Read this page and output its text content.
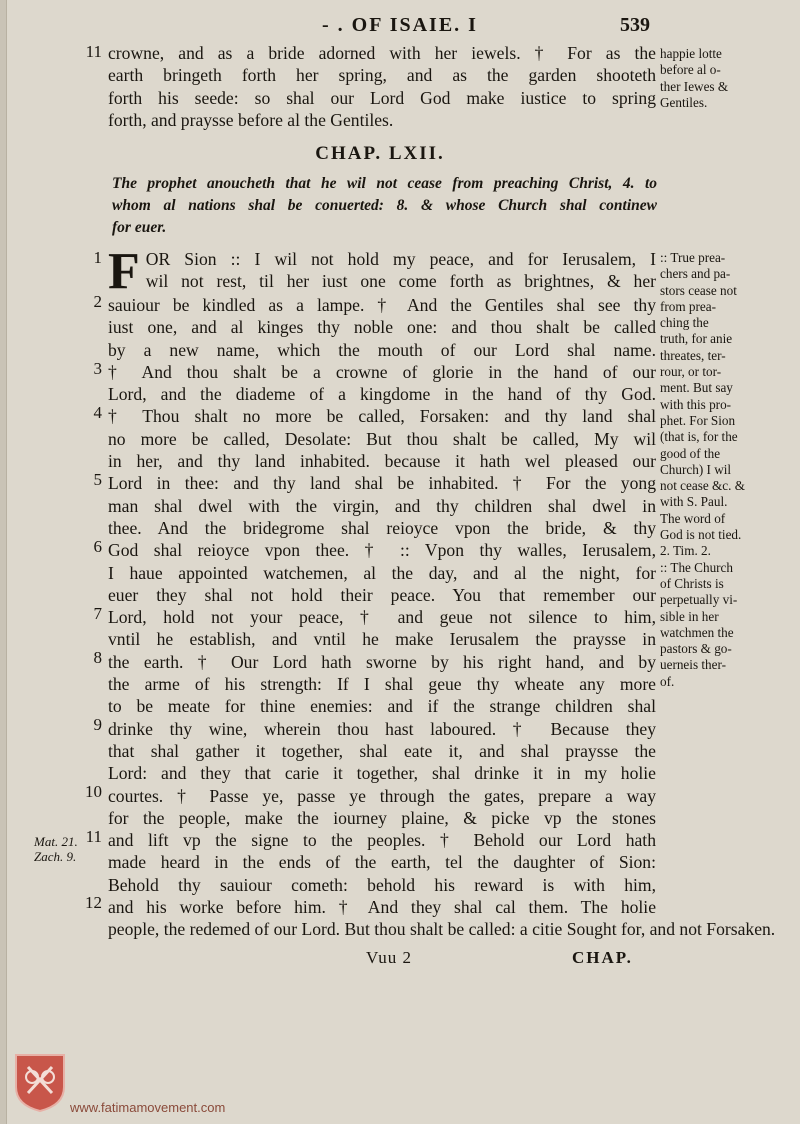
- . OF ISAIE. I	539
11 crowne, and as a bride adorned with her iewels. † For as the
earth bringeth forth her spring, and as the garden shooteth
forth his seede: so shal our Lord God make iustice to spring
forth, and praysse before al the Gentiles.
happie lotte
before al o-
ther Iewes &
Gentiles.
CHAP. LXII.
The prophet anoucheth that he wil not cease from preaching Christ, 4. to
whom al nations shal be conuerted: 8. & whose Church shal continew
for euer.
1
2
3
4
5
6
7
8
9
10
11
12
F OR Sion :: I wil not hold my peace, and for Ierusalem, I
wil not rest, til her iust one come forth as brightnes, & her
sauiour be kindled as a lampe. † And the Gentiles shal see thy
iust one, and al kinges thy noble one: and thou shalt be called
by a new name, which the mouth of our Lord shal name.
† And thou shalt be a crowne of glorie in the hand of our
Lord, and the diademe of a kingdome in the hand of thy God.
† Thou shalt no more be called, Forsaken: and thy land shal
no more be called, Desolate: But thou shalt be called, My wil
in her, and thy land inhabited. because it hath wel pleased our
Lord in thee: and thy land shal be inhabited. † For the yong
man shal dwel with the virgin, and thy children shal dwel in
thee. And the bridegrome shal reioyce vpon the bride, & thy
God shal reioyce vpon thee. † :: Vpon thy walles, Ierusalem,
I haue appointed watchemen, al the day, and al the night, for
euer they shal not hold their peace. You that remember our
Lord, hold not your peace, † and geue not silence to him,
vntil he establish, and vntil he make Ierusalem the praysse in
the earth. † Our Lord hath sworne by his right hand, and by
the arme of his strength: If I shal geue thy wheate any more
to be meate for thine enemies: and if the strange children shal
drinke thy wine, wherein thou hast laboured. † Because they
that shal gather it together, shal eate it, and shal praysse the
Lord: and they that carie it together, shal drinke it in my holie
courtes. † Passe ye, passe ye through the gates, prepare a way
for the people, make the iourney plaine, & picke vp the stones
and lift vp the signe to the peoples. † Behold our Lord hath
made heard in the ends of the earth, tel the daughter of Sion:
Behold thy sauiour cometh: behold his reward is with him,
and his worke before him. † And they shal cal them. The holie
people, the redemed of our Lord. But thou shalt be called: a citie Sought for, and not Forsaken.
:: True prea-
chers and pa-
stors cease not
from prea-
ching the
truth, for anie
threates, ter-
rour, or tor-
ment. But say
with this pro-
phet. For Sion
(that is, for the
good of the
Church) I wil
not cease &c. &
with S. Paul.
The word of
God is not tied.
2. Tim. 2.
:: The Church
of Christs is
perpetually vi-
sible in her
watchmen the
pastors & go-
uerneis ther-
of.
Mat. 21.
Zach. 9.
Vuu 2	CHAP.
www.fatimamovement.com
